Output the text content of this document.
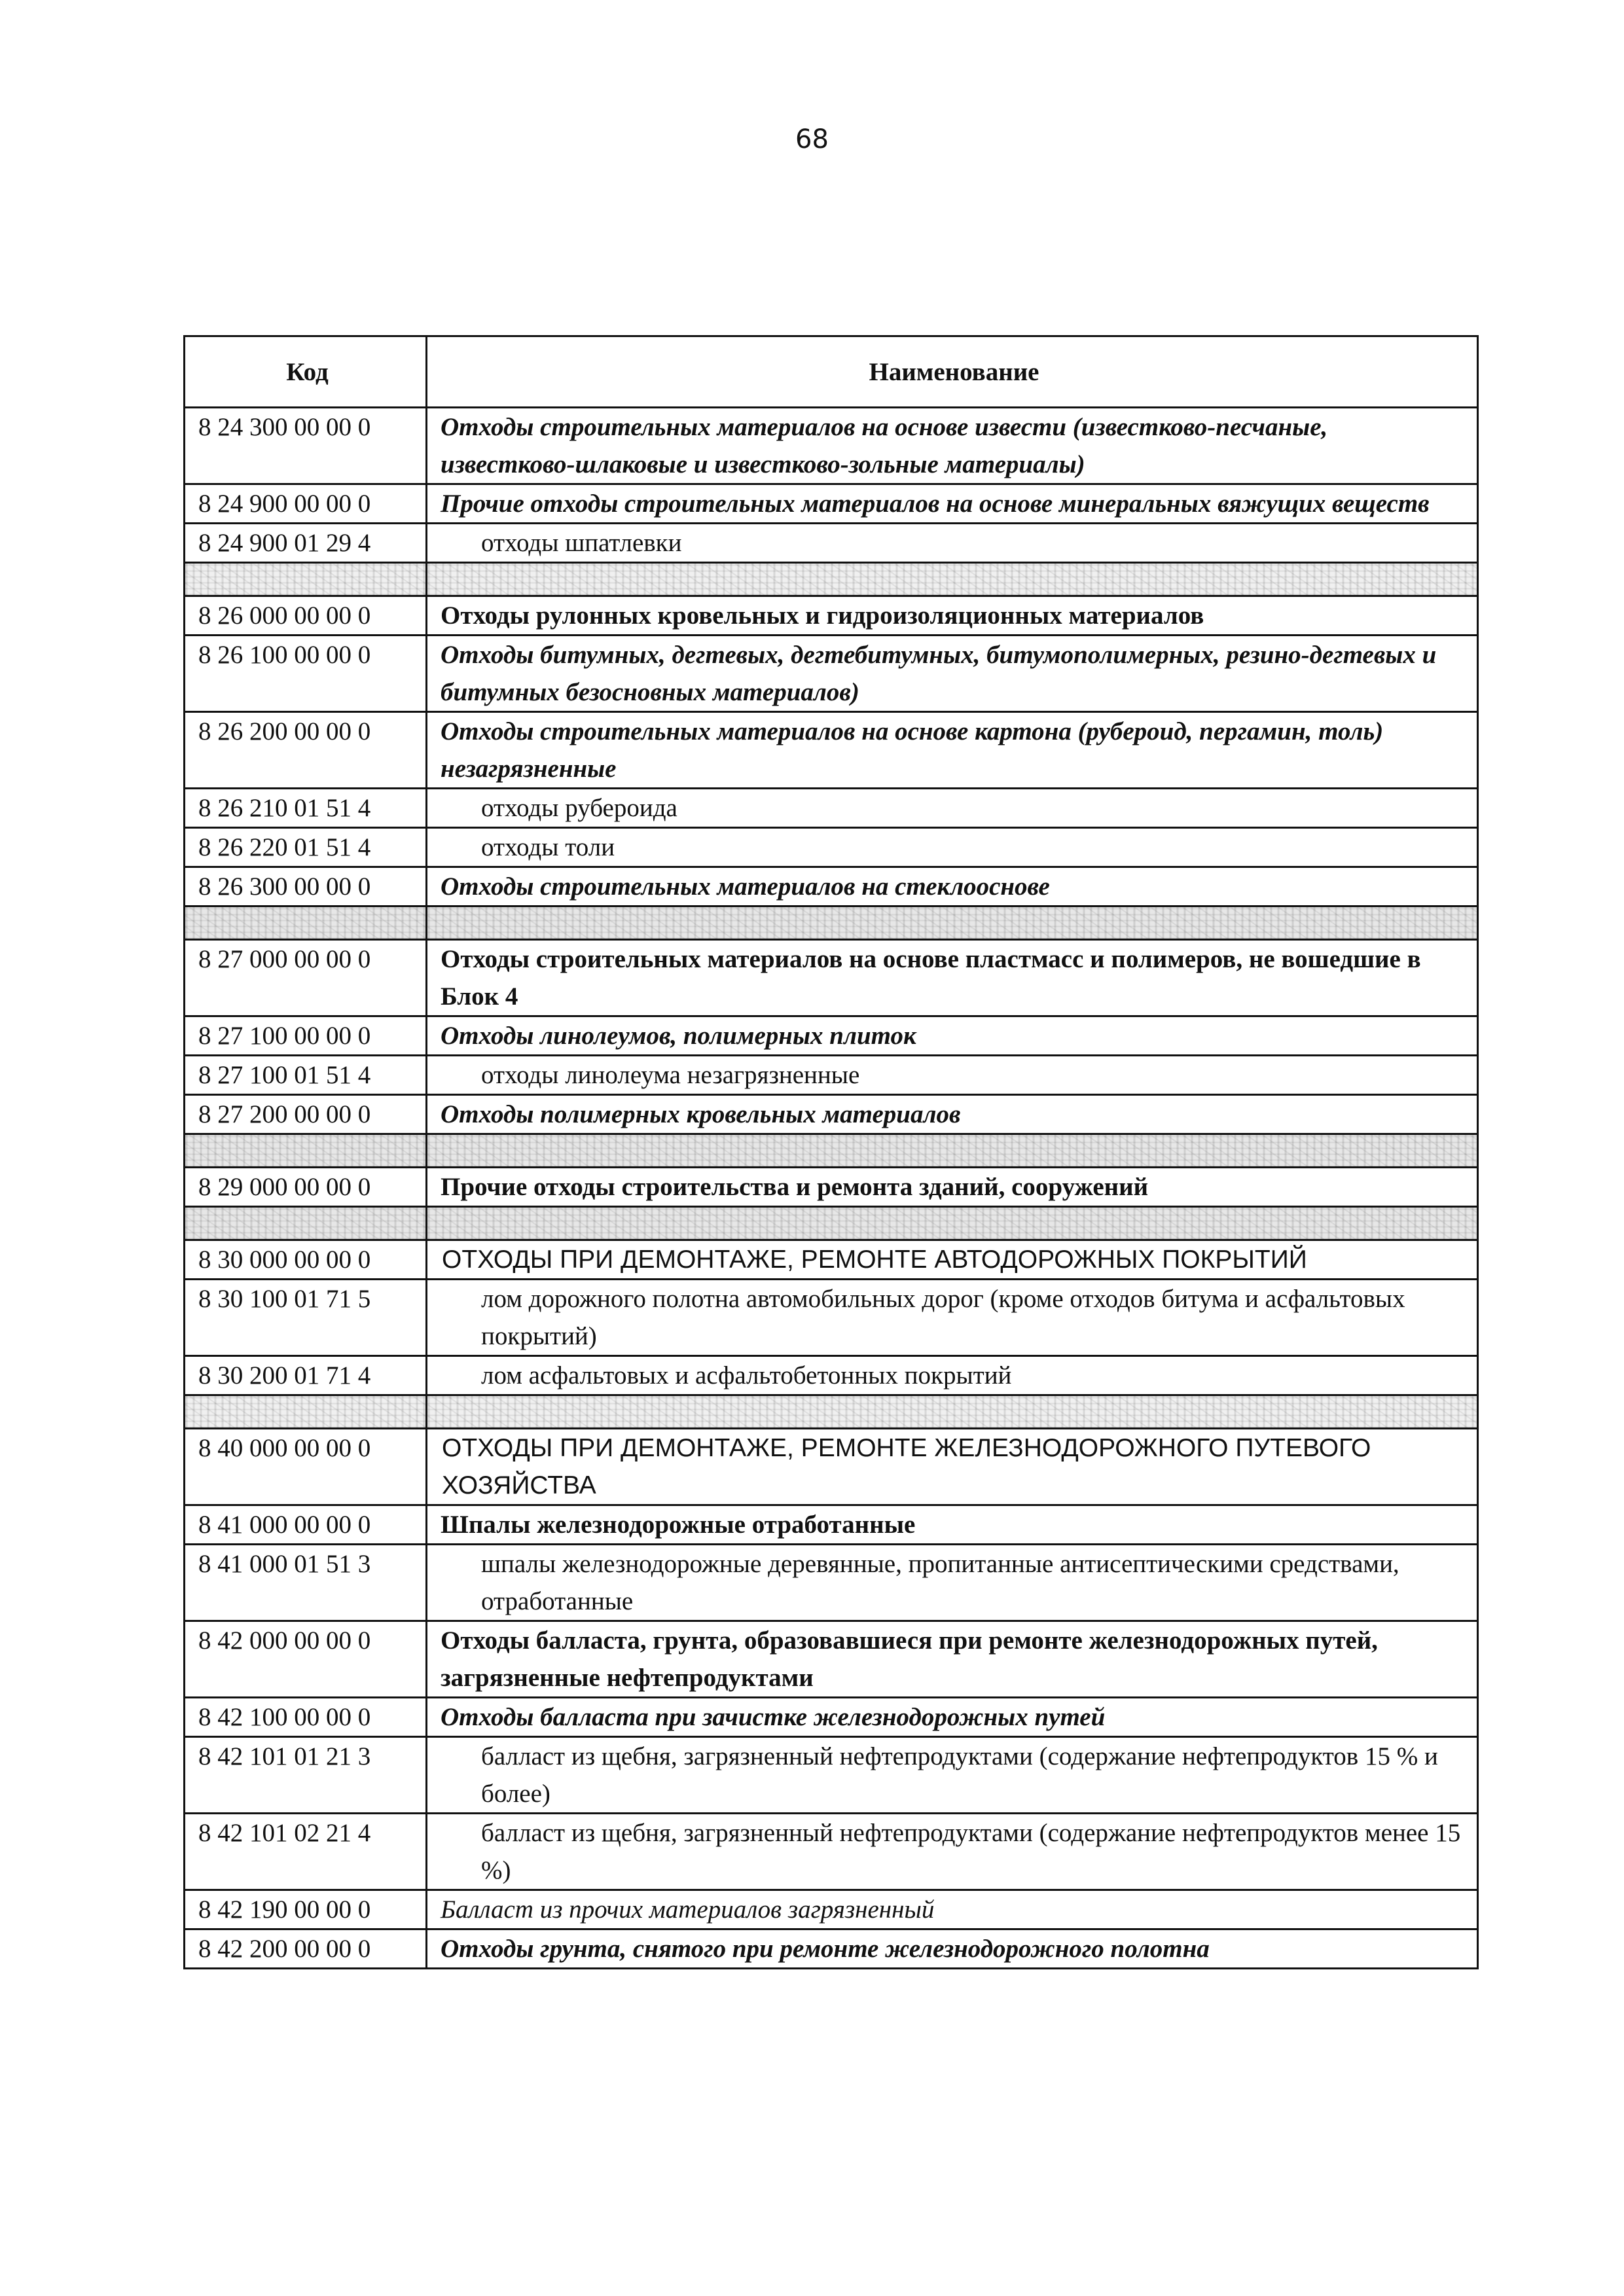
68
Код	Наименование
8 24 300 00 00 0	Отходы строительных материалов на основе извести (известково-песчаные, известково-шлаковые и известково-зольные материалы)
8 24 900 00 00 0	Прочие отходы строительных материалов на основе минеральных вяжущих веществ
8 24 900 01 29 4	отходы шпатлевки

8 26 000 00 00 0	Отходы рулонных кровельных и гидроизоляционных материалов
8 26 100 00 00 0	Отходы битумных, дегтевых, дегтебитумных, битумополимерных, резино-дегтевых и битумных безосновных материалов)
8 26 200 00 00 0	Отходы строительных материалов на основе картона (рубероид, пергамин, толь) незагрязненные
8 26 210 01 51 4	отходы рубероида
8 26 220 01 51 4	отходы толи
8 26 300 00 00 0	Отходы строительных материалов на стеклооснове

8 27 000 00 00 0	Отходы строительных материалов на основе пластмасс и полимеров, не вошедшие в Блок 4
8 27 100 00 00 0	Отходы линолеумов, полимерных плиток
8 27 100 01 51 4	отходы линолеума незагрязненные
8 27 200 00 00 0	Отходы полимерных кровельных материалов

8 29 000 00 00 0	Прочие отходы строительства и ремонта зданий, сооружений

8 30 000 00 00 0	ОТХОДЫ ПРИ ДЕМОНТАЖЕ, РЕМОНТЕ АВТОДОРОЖНЫХ ПОКРЫТИЙ
8 30 100 01 71 5	лом дорожного полотна автомобильных дорог (кроме отходов битума и асфальтовых покрытий)
8 30 200 01 71 4	лом асфальтовых и асфальтобетонных покрытий

8 40 000 00 00 0	ОТХОДЫ ПРИ ДЕМОНТАЖЕ, РЕМОНТЕ ЖЕЛЕЗНОДОРОЖНОГО ПУТЕВОГО ХОЗЯЙСТВА
8 41 000 00 00 0	Шпалы железнодорожные отработанные
8 41 000 01 51 3	шпалы железнодорожные деревянные, пропитанные антисептическими средствами, отработанные
8 42 000 00 00 0	Отходы балласта, грунта, образовавшиеся при ремонте железнодорожных путей, загрязненные нефтепродуктами
8 42 100 00 00 0	Отходы балласта при зачистке железнодорожных путей
8 42 101 01 21 3	балласт из щебня, загрязненный нефтепродуктами (содержание нефтепродуктов 15 % и более)
8 42 101 02 21 4	балласт из щебня, загрязненный нефтепродуктами (содержание нефтепродуктов менее 15 %)
8 42 190 00 00 0	Балласт из прочих материалов загрязненный
8 42 200 00 00 0	Отходы грунта, снятого при ремонте железнодорожного полотна
